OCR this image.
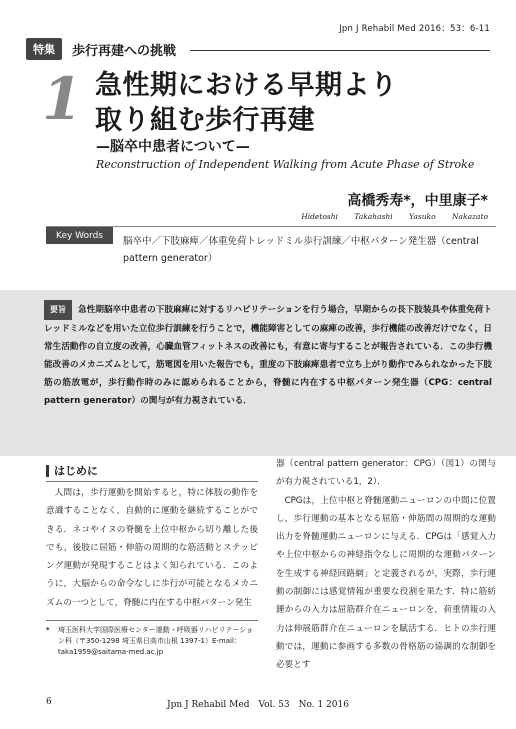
Jpn J Rehabil Med 2016；53：6-11
特集	歩行再建への挑戦
1 急性期における早期より
取り組む歩行再建
—脳卒中患者について—
Reconstruction of Independent Walking from Acute Phase of Stroke
高橋秀寿*，中里康子*
Hidetoshi Takahashi Yasuko Nakazato
Key Words	脳卒中／下肢麻痺／体重免荷トレッドミル歩行訓練／中枢パターン発生器（central pattern generator）
要旨 急性期脳卒中患者の下肢麻痺に対するリハビリテーションを行う場合，早期からの長下肢装具や体重免荷トレッドミルなどを用いた立位歩行訓練を行うことで，機能障害としての麻痺の改善，歩行機能の改善だけでなく，日常生活動作の自立度の改善，心臓血管フィットネスの改善にも，有意に寄与することが報告されている．この歩行機能改善のメカニズムとして，筋電図を用いた報告でも，重度の下肢麻痺患者で立ち上がり動作でみられなかった下肢筋の筋放電が，歩行動作時のみに認められることから，脊髄に内在する中枢パターン発生器（CPG：central pattern generator）の関与が有力視されている．
はじめに

人間は，歩行運動を開始すると，特に体肢の動作を意識することなく，自動的に運動を継続することができる．ネコやイヌの脊髄を上位中枢から切り離した後でも，後肢に屈筋・伸筋の周期的な筋活動とステッピング運動が発現することはよく知られている．このように，大脳からの命令なしに歩行が可能となるメカニズムの一つとして，脊髄に内在する中枢パターン発生

器（central pattern generator：CPG）（図1）の関与が有力視されている1，2）．

CPGは，上位中枢と脊髄運動ニューロンの中間に位置し，歩行運動の基本となる屈筋・伸筋間の周期的な運動出力を脊髄運動ニューロンに与える．CPGは「感覚入力や上位中枢からの神経指令なしに周期的な運動パターンを生成する神経回路網」と定義されるが，実際，歩行運動の制御には感覚情報が重要な役割を果たす．特に筋紡錘からの入力は屈筋群介在ニューロンを，荷重情報の入力は伸展筋群介在ニューロンを賦活する．ヒトの歩行運動では，運動に参画する多数の骨格筋の協調的な制御を必要とす

*	埼玉医科大学国際医療センター運動・呼吸器リハビリテーション科（〒350-1298 埼玉県日高市山根 1397-1）E-mail：taka1959@saitama-med.ac.jp
Jpn J Rehabil Med　Vol. 53　No. 1 2016
6
